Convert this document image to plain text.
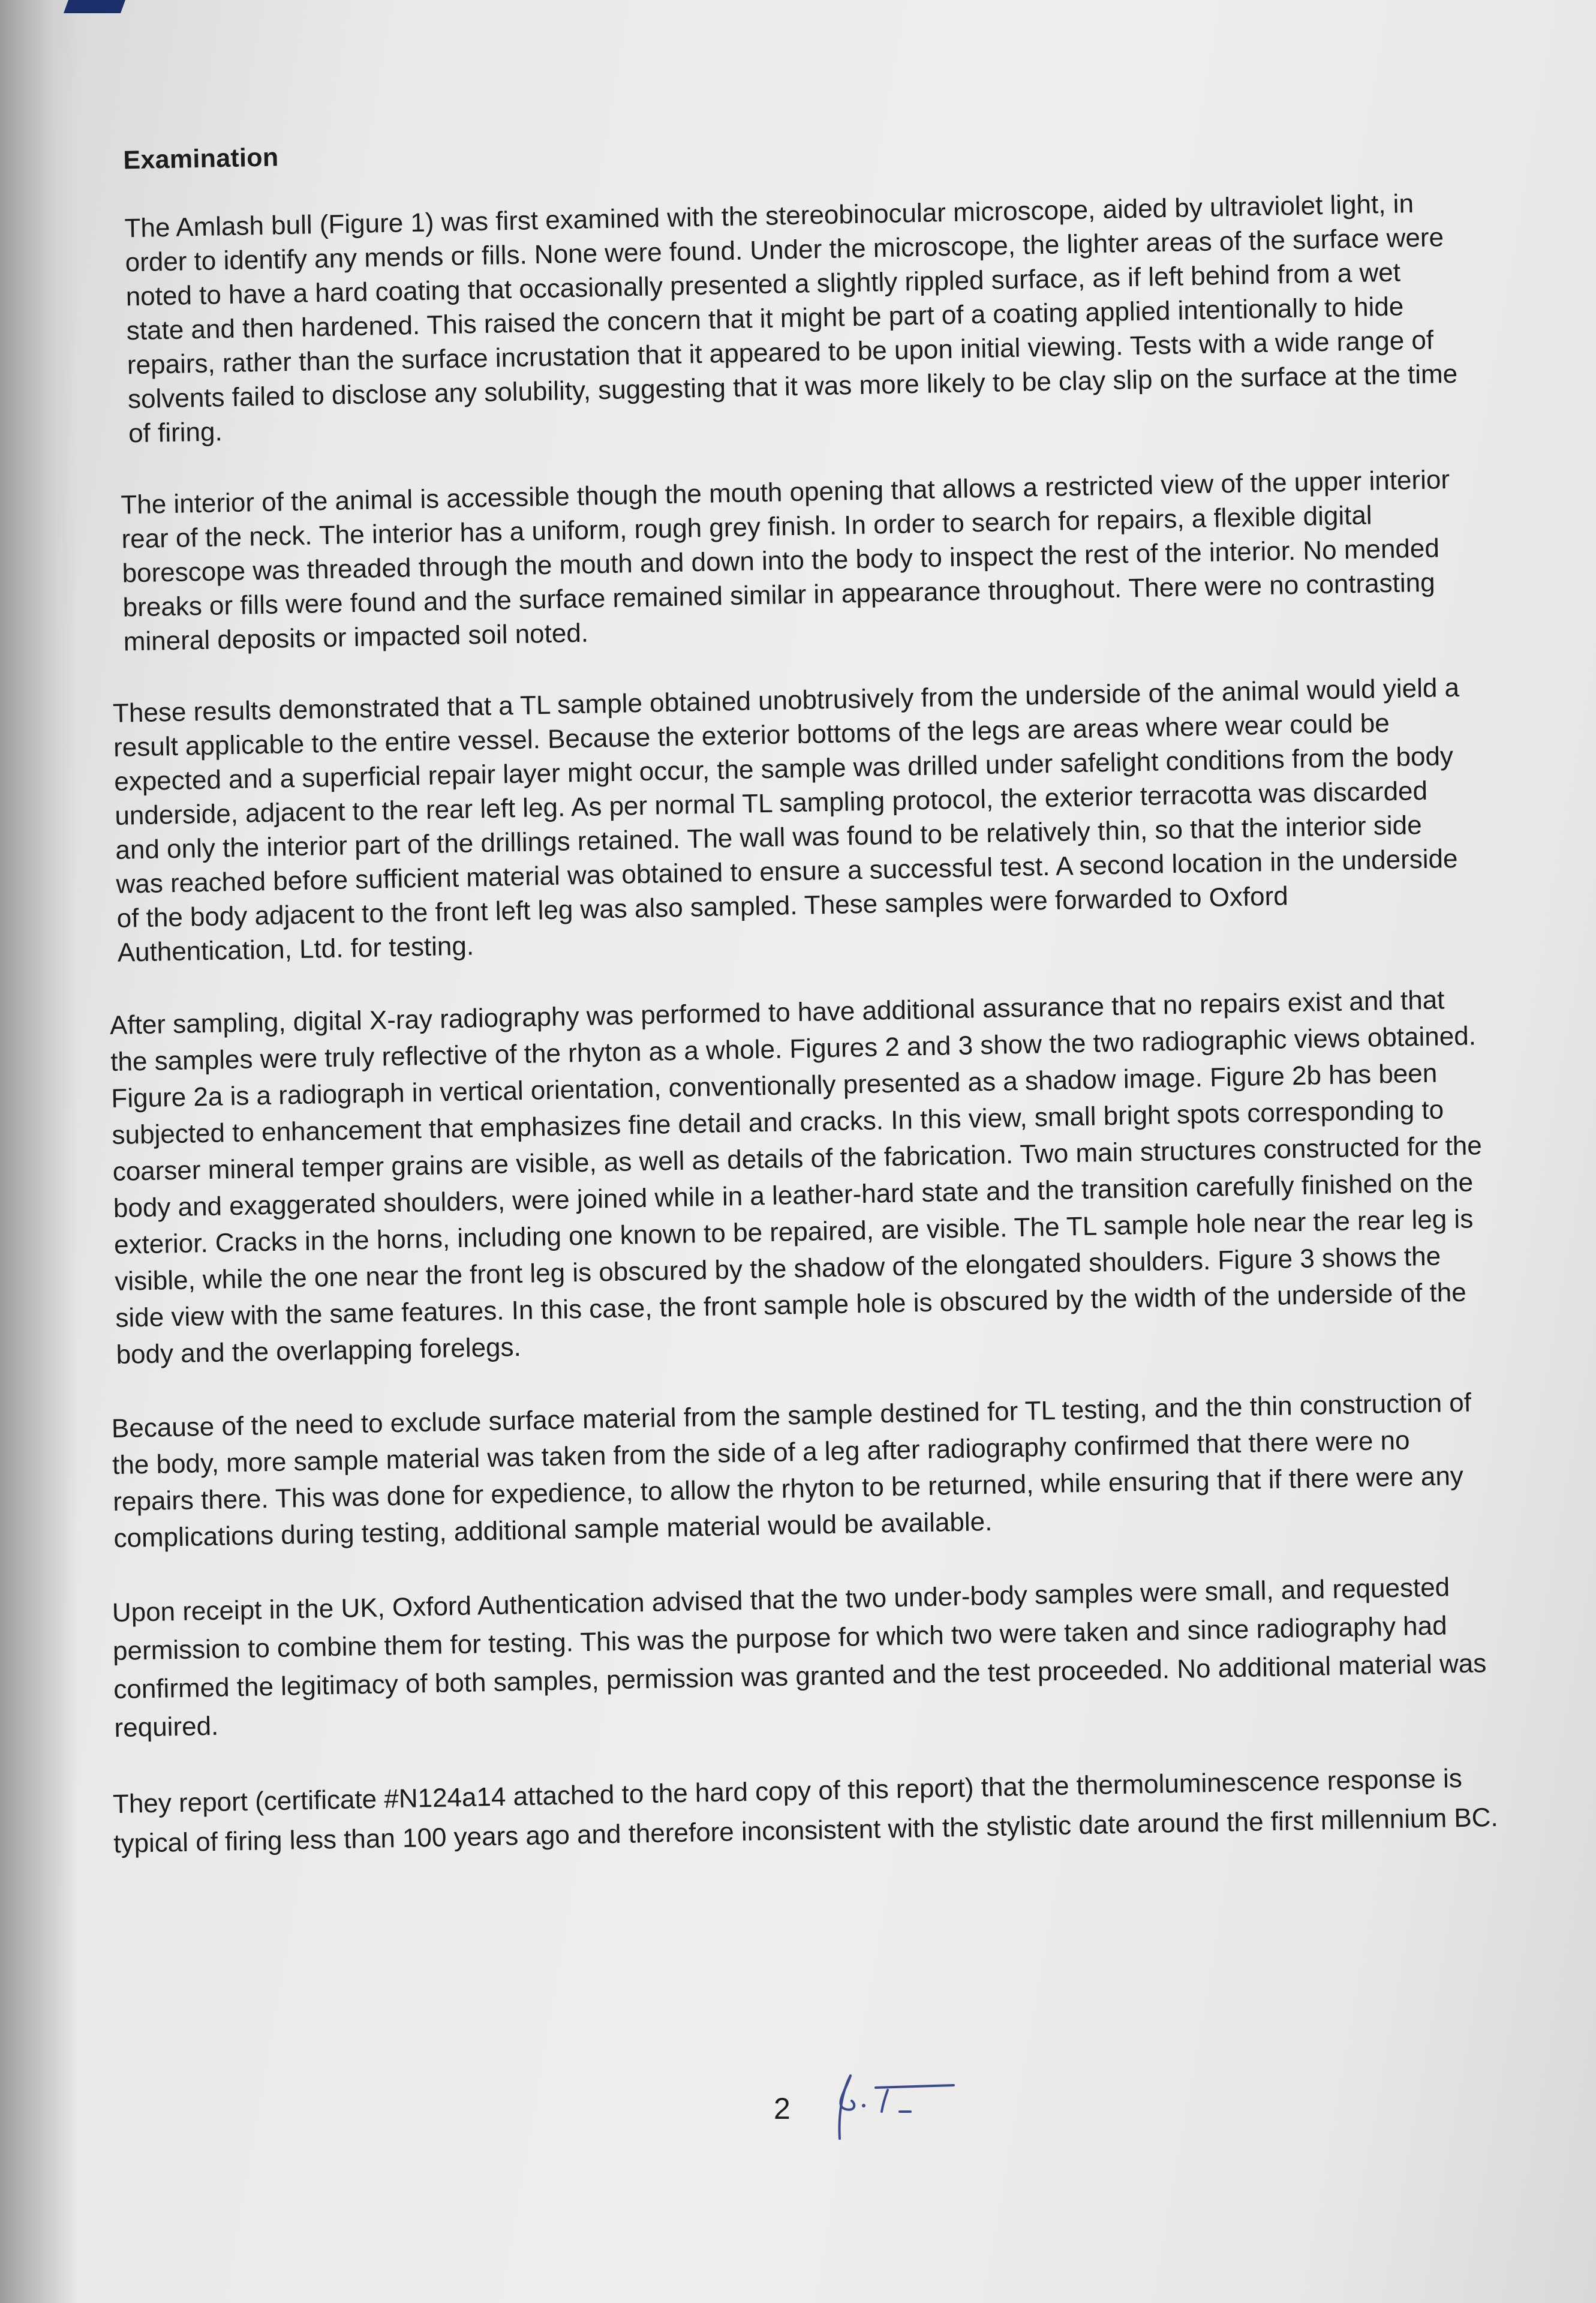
Examination

The Amlash bull (Figure 1) was first examined with the stereobinocular microscope, aided by ultraviolet light, in order to identify any mends or fills. None were found. Under the microscope, the lighter areas of the surface were noted to have a hard coating that occasionally presented a slightly rippled surface, as if left behind from a wet state and then hardened. This raised the concern that it might be part of a coating applied intentionally to hide repairs, rather than the surface incrustation that it appeared to be upon initial viewing. Tests with a wide range of solvents failed to disclose any solubility, suggesting that it was more likely to be clay slip on the surface at the time of firing.

The interior of the animal is accessible though the mouth opening that allows a restricted view of the upper interior rear of the neck. The interior has a uniform, rough grey finish. In order to search for repairs, a flexible digital borescope was threaded through the mouth and down into the body to inspect the rest of the interior. No mended breaks or fills were found and the surface remained similar in appearance throughout. There were no contrasting mineral deposits or impacted soil noted.

These results demonstrated that a TL sample obtained unobtrusively from the underside of the animal would yield a result applicable to the entire vessel. Because the exterior bottoms of the legs are areas where wear could be expected and a superficial repair layer might occur, the sample was drilled under safelight conditions from the body underside, adjacent to the rear left leg. As per normal TL sampling protocol, the exterior terracotta was discarded and only the interior part of the drillings retained. The wall was found to be relatively thin, so that the interior side was reached before sufficient material was obtained to ensure a successful test. A second location in the underside of the body adjacent to the front left leg was also sampled. These samples were forwarded to Oxford Authentication, Ltd. for testing.

After sampling, digital X-ray radiography was performed to have additional assurance that no repairs exist and that the samples were truly reflective of the rhyton as a whole. Figures 2 and 3 show the two radiographic views obtained. Figure 2a is a radiograph in vertical orientation, conventionally presented as a shadow image. Figure 2b has been subjected to enhancement that emphasizes fine detail and cracks. In this view, small bright spots corresponding to coarser mineral temper grains are visible, as well as details of the fabrication. Two main structures constructed for the body and exaggerated shoulders, were joined while in a leather-hard state and the transition carefully finished on the exterior. Cracks in the horns, including one known to be repaired, are visible. The TL sample hole near the rear leg is visible, while the one near the front leg is obscured by the shadow of the elongated shoulders. Figure 3 shows the side view with the same features. In this case, the front sample hole is obscured by the width of the underside of the body and the overlapping forelegs.

Because of the need to exclude surface material from the sample destined for TL testing, and the thin construction of the body, more sample material was taken from the side of a leg after radiography confirmed that there were no repairs there. This was done for expedience, to allow the rhyton to be returned, while ensuring that if there were any complications during testing, additional sample material would be available.

Upon receipt in the UK, Oxford Authentication advised that the two under-body samples were small, and requested permission to combine them for testing. This was the purpose for which two were taken and since radiography had confirmed the legitimacy of both samples, permission was granted and the test proceeded. No additional material was required.

They report (certificate #N124a14 attached to the hard copy of this report) that the thermoluminescence response is typical of firing less than 100 years ago and therefore inconsistent with the stylistic date around the first millennium BC.

2
